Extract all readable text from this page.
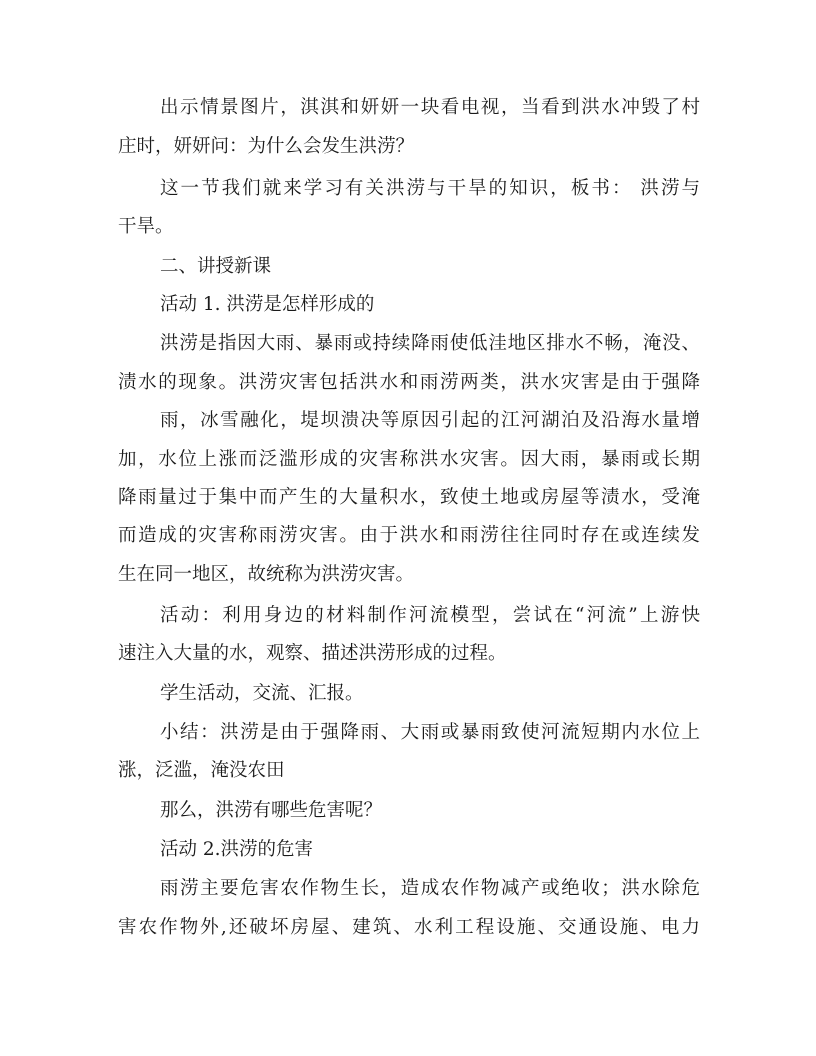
出示情景图片，淇淇和妍妍一块看电视，当看到洪水冲毁了村
庄时，妍妍问：为什么会发生洪涝？
这一节我们就来学习有关洪涝与干旱的知识，板书： 洪涝与
干旱。
二、讲授新课
活动 1. 洪涝是怎样形成的
洪涝是指因大雨、暴雨或持续降雨使低洼地区排水不畅，淹没、
渍水的现象。洪涝灾害包括洪水和雨涝两类，洪水灾害是由于强降
雨，冰雪融化，堤坝溃决等原因引起的江河湖泊及沿海水量增
加，水位上涨而泛滥形成的灾害称洪水灾害。因大雨，暴雨或长期
降雨量过于集中而产生的大量积水，致使土地或房屋等渍水，受淹
而造成的灾害称雨涝灾害。由于洪水和雨涝往往同时存在或连续发
生在同一地区，故统称为洪涝灾害。
活动：利用身边的材料制作河流模型，尝试在“河流”上游快
速注入大量的水，观察、描述洪涝形成的过程。
学生活动，交流、汇报。
小结：洪涝是由于强降雨、大雨或暴雨致使河流短期内水位上
涨，泛滥，淹没农田
那么，洪涝有哪些危害呢？
活动 2.洪涝的危害
雨涝主要危害农作物生长，造成农作物减产或绝收；洪水除危
害农作物外,还破坏房屋、建筑、水利工程设施、交通设施、电力
